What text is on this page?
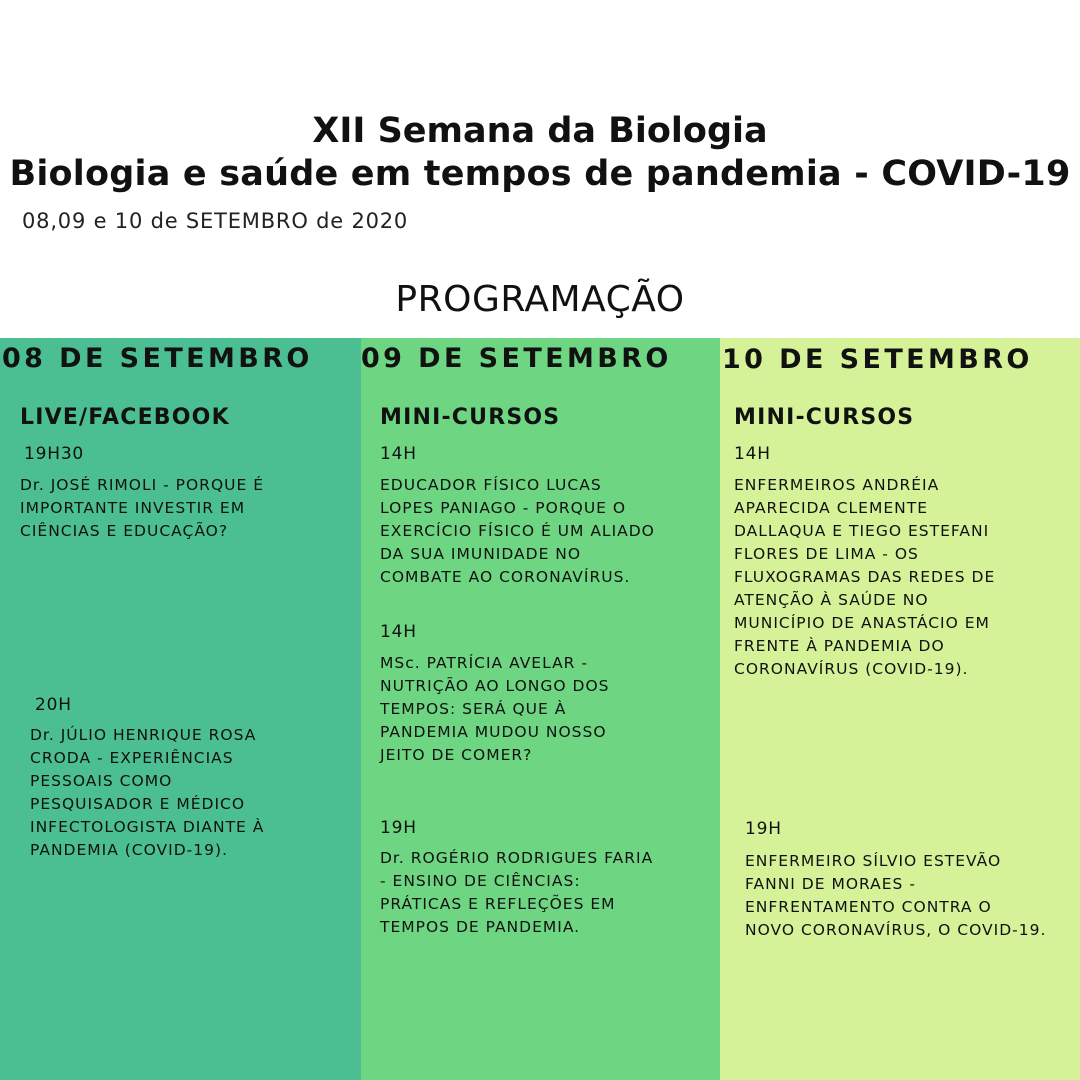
XII Semana da Biologia
Biologia e saúde em tempos de pandemia - COVID-19
08,09 e 10 de SETEMBRO de 2020
PROGRAMAÇÃO
08 DE SETEMBRO
LIVE/FACEBOOK
19H30

Dr. JOSÉ RIMOLI - PORQUE É
IMPORTANTE INVESTIR EM
CIÊNCIAS E EDUCAÇÃO?

20H

Dr. JÚLIO HENRIQUE ROSA
CRODA - EXPERIÊNCIAS
PESSOAIS COMO
PESQUISADOR E MÉDICO
INFECTOLOGISTA DIANTE À
PANDEMIA (COVID-19).

09 DE SETEMBRO
MINI-CURSOS
14H

EDUCADOR FÍSICO LUCAS
LOPES PANIAGO - PORQUE O
EXERCÍCIO FÍSICO É UM ALIADO
DA SUA IMUNIDADE NO
COMBATE AO CORONAVÍRUS.

14H

MSc. PATRÍCIA AVELAR -
NUTRIÇÃO AO LONGO DOS
TEMPOS: SERÁ QUE À
PANDEMIA MUDOU NOSSO
JEITO DE COMER?

19H

Dr. ROGÉRIO RODRIGUES FARIA
- ENSINO DE CIÊNCIAS:
PRÁTICAS E REFLEÇÕES EM
TEMPOS DE PANDEMIA.

10 DE SETEMBRO
MINI-CURSOS
14H

ENFERMEIROS ANDRÉIA
APARECIDA CLEMENTE
DALLAQUA E TIEGO ESTEFANI
FLORES DE LIMA - OS
FLUXOGRAMAS DAS REDES DE
ATENÇÃO À SAÚDE NO
MUNICÍPIO DE ANASTÁCIO EM
FRENTE À PANDEMIA DO
CORONAVÍRUS (COVID-19).

19H

ENFERMEIRO SÍLVIO ESTEVÃO
FANNI DE MORAES -
ENFRENTAMENTO CONTRA O
NOVO CORONAVÍRUS, O COVID-19.
